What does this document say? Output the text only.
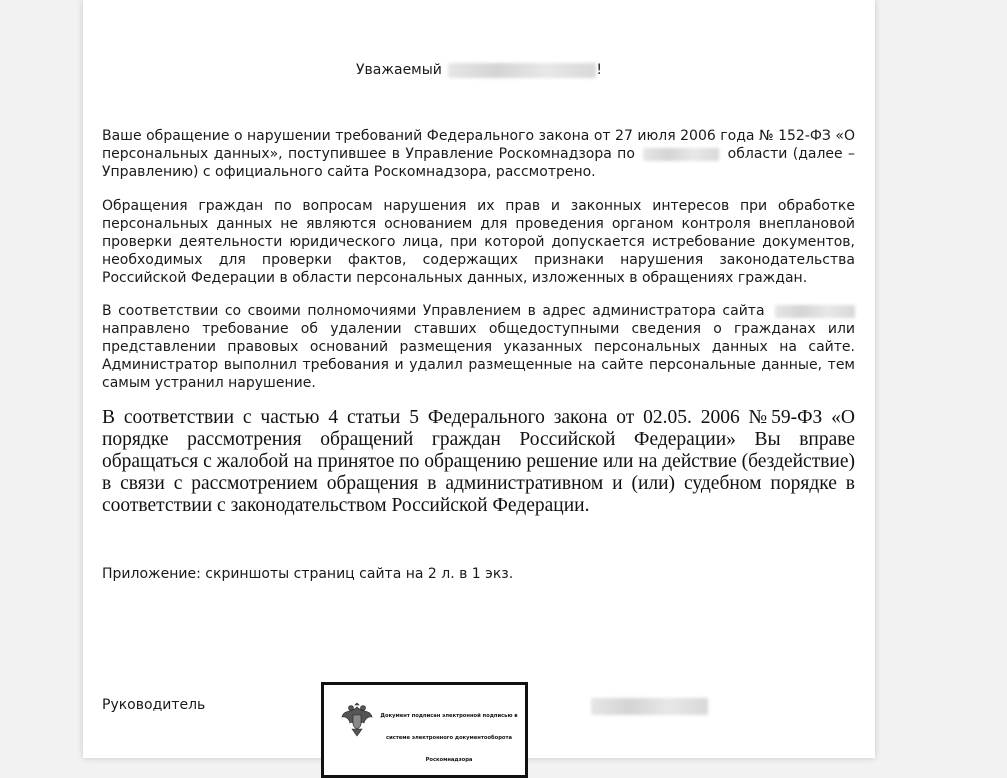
Уважаемый	!

Ваше обращение о нарушении требований Федерального закона от 27 июля 2006 года № 152-ФЗ «О персональных данных», поступившее в Управление Роскомнадзора по	области (далее – Управлению) с официального сайта Роскомнадзора, рассмотрено.

Обращения граждан по вопросам нарушения их прав и законных интересов при обработке персональных данных не являются основанием для проведения органом контроля внеплановой проверки деятельности юридического лица, при которой допускается истребование документов, необходимых для проверки фактов, содержащих признаки нарушения законодательства Российской Федерации в области персональных данных, изложенных в обращениях граждан.

В соответствии со своими полномочиями Управлением в адрес администратора сайта  направлено требование об удалении ставших общедоступными сведения о гражданах или представлении правовых оснований размещения указанных персональных данных на сайте. Администратор выполнил требования и удалил размещенные на сайте персональные данные, тем самым устранил нарушение.

В соответствии с частью 4 статьи 5 Федерального закона от 02.05. 2006 №59-ФЗ «О порядке рассмотрения обращений граждан Российской Федерации» Вы вправе обращаться с жалобой на принятое по обращению решение или на действие (бездействие) в связи с рассмотрением обращения в административном и (или) судебном порядке в соответствии с законодательством Российской Федерации.

Приложение: скриншоты страниц сайта на 2 л. в 1 экз.
Руководитель
Документ подписан электронной подписью в
системе электронного документооборота
Роскомнадзора
